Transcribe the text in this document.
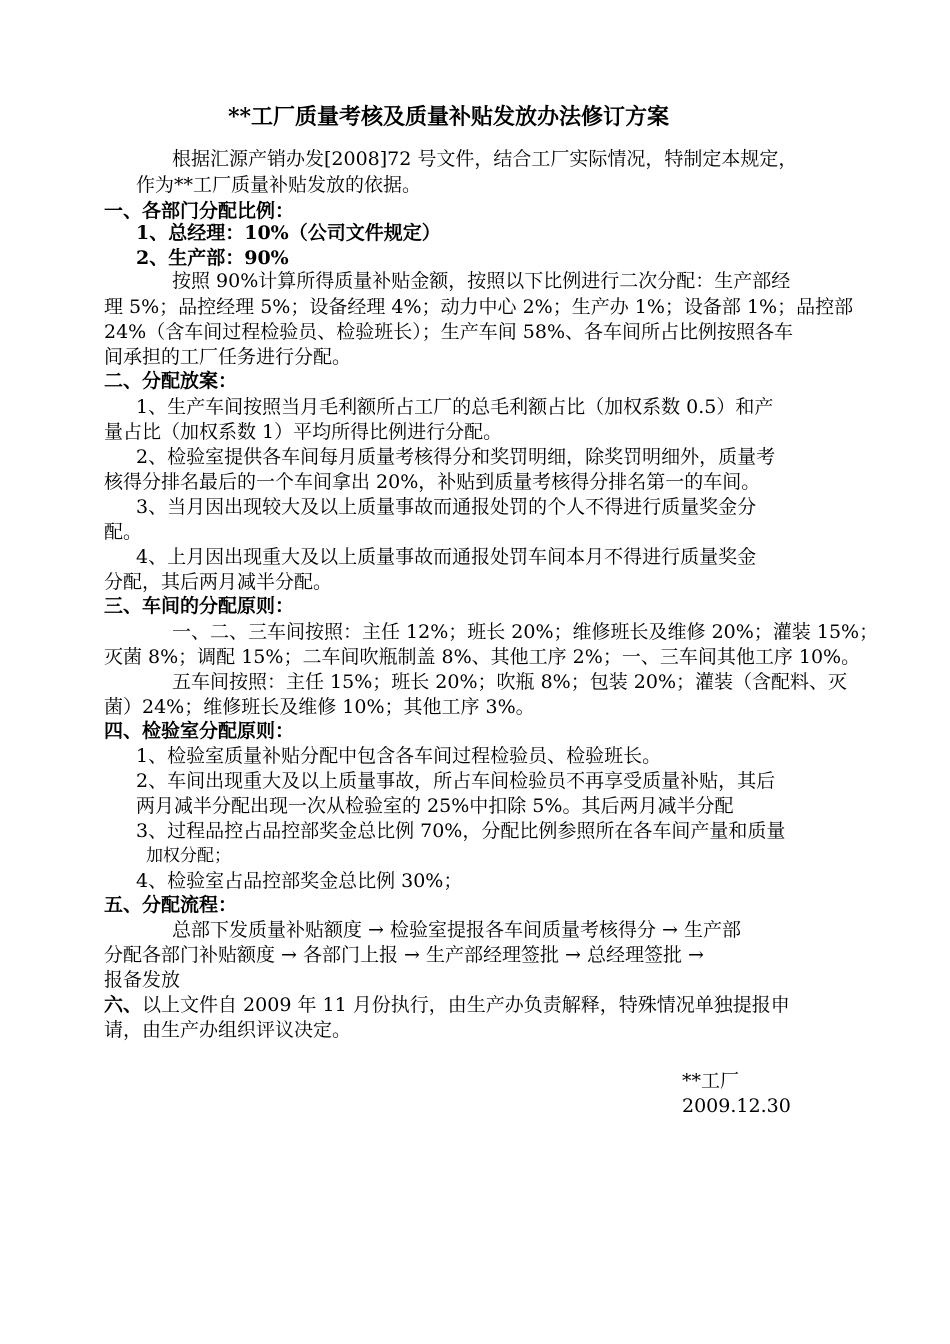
**工厂质量考核及质量补贴发放办法修订方案
根据汇源产销办发[2008]72 号文件，结合工厂实际情况，特制定本规定，
作为**工厂质量补贴发放的依据。
一、各部门分配比例：
1、总经理：10%（公司文件规定）
2、生产部：90%
按照 90%计算所得质量补贴金额，按照以下比例进行二次分配：生产部经
理 5%；品控经理 5%；设备经理 4%；动力中心 2%；生产办 1%；设备部 1%；品控部
24%（含车间过程检验员、检验班长）；生产车间 58%、各车间所占比例按照各车
间承担的工厂任务进行分配。
二、分配放案：
1、生产车间按照当月毛利额所占工厂的总毛利额占比（加权系数 0.5）和产
量占比（加权系数 1）平均所得比例进行分配。
2、检验室提供各车间每月质量考核得分和奖罚明细，除奖罚明细外，质量考
核得分排名最后的一个车间拿出 20%，补贴到质量考核得分排名第一的车间。
3、当月因出现较大及以上质量事故而通报处罚的个人不得进行质量奖金分
配。
4、上月因出现重大及以上质量事故而通报处罚车间本月不得进行质量奖金
分配，其后两月减半分配。
三、车间的分配原则：
一、二、三车间按照：主任 12%；班长 20%；维修班长及维修 20%；灌装 15%；
灭菌 8%；调配 15%；二车间吹瓶制盖 8%、其他工序 2%；一、三车间其他工序 10%。
五车间按照：主任 15%；班长 20%；吹瓶 8%；包装 20%；灌装（含配料、灭
菌）24%；维修班长及维修 10%；其他工序 3%。
四、检验室分配原则：
1、检验室质量补贴分配中包含各车间过程检验员、检验班长。
2、车间出现重大及以上质量事故，所占车间检验员不再享受质量补贴，其后
两月减半分配出现一次从检验室的 25%中扣除 5%。其后两月减半分配
3、过程品控占品控部奖金总比例 70%，分配比例参照所在各车间产量和质量
加权分配；
4、检验室占品控部奖金总比例 30%；
五、分配流程：
总部下发质量补贴额度 → 检验室提报各车间质量考核得分 → 生产部
分配各部门补贴额度 → 各部门上报 → 生产部经理签批 → 总经理签批 →
报备发放
六、以上文件自 2009 年 11 月份执行，由生产办负责解释，特殊情况单独提报申
请，由生产办组织评议决定。
**工厂
2009.12.30
